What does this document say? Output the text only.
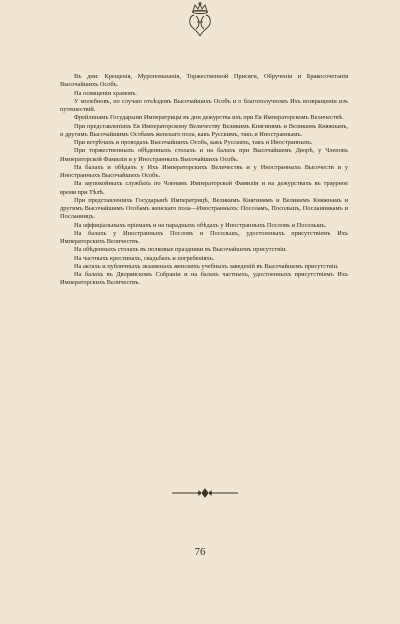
Въ дни: Крещенія, Муропомазанія, Торжественной Присяги, Обрученія и Бракосочетанія Высочайшихъ Особъ.

На освященіи храмовъ.

У молебновъ, по случаю отъѣздовъ Высочайшихъ Особъ и о благополучномъ Ихъ возвращеніи изъ путешествій.

Фрейлинамъ Государыни Императрицы въ дни дежурства ихъ при Ея Императорскомъ Величествѣ.

При представленіяхъ Ея Императорскому Величеству Великимъ Княгинямъ и Великимъ Княжнамъ, и другимъ Высочайшимъ Особамъ женскаго пола, какъ Русскимъ, такъ и Иностраннымъ.

При встрѣчахъ и проводахъ Высочайшихъ Особъ, какъ Русскихъ, такъ и Иностранныхъ.

При торжественныхъ обѣденныхъ столахъ и на балахъ при Высочайшемъ Дворѣ, у Членовъ Императорской Фамиліи и у Иностранныхъ Высочайшихъ Особъ.

На балахъ и обѣдахъ у Ихъ Императорскихъ Величествъ и у Иностранныхъ Высочеств и у Иностранныхъ Высочайшихъ Особъ.

На заупокойныхъ службахъ по Членамъ Императорской Фамиліи и на дежурствахъ въ траурное время при Тѣлѣ.

При представленіяхъ Государынѣ Императрицѣ, Великимъ Княгинямъ и Великимъ Княжнамъ и другимъ Высочайшимъ Особамъ женскаго пола—Иностранныхъ: Посоламъ, Посольшъ, Посланникамъ и Посланницъ.

На оффиціальныхъ пріемахъ и на парадныхъ обѣдахъ у Иностранныхъ Пословъ и Посольшъ.

На балахъ у Иностранныхъ Пословъ и Посольшъ, удостоенныхъ присутствіемъ Ихъ Императорскихъ Величествъ.

На обѣденныхъ столахъ въ полковые праздники въ Высочайшемъ присутствіи.

На частныхъ крестинахъ, свадьбахъ и погребеніяхъ.

На актахъ и публичныхъ экзаменахъ женскихъ учебныхъ заведеній въ Высочайшемъ присутствіи.

На балахъ въ Дворянскомъ Собраніи и на балахъ частныхъ, удостоенныхъ присутствіемъ Ихъ Императорскихъ Величествъ.

76
